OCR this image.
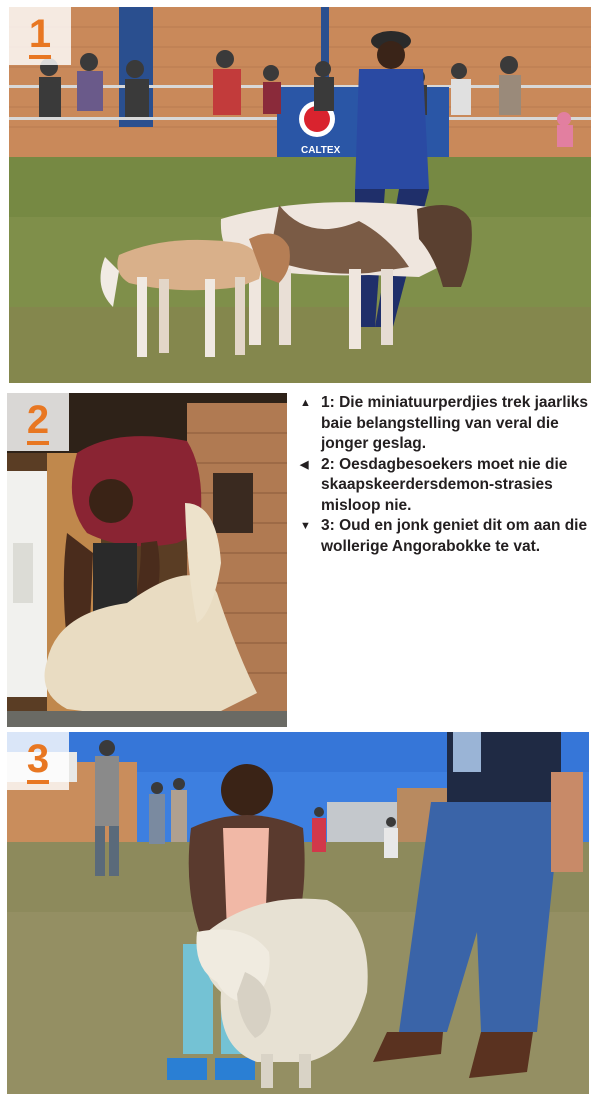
CALTEX
1
2	▲ 1: Die miniatuurperdjies trek jaarliks baie belangstelling van veral die jonger geslag.
◀ 2: Oesdagbesoekers moet nie die skaapskeerdersdemon-strasies misloop nie.
▼ 3: Oud en jonk geniet dit om aan die wollerige Angorabokke te vat.
3
